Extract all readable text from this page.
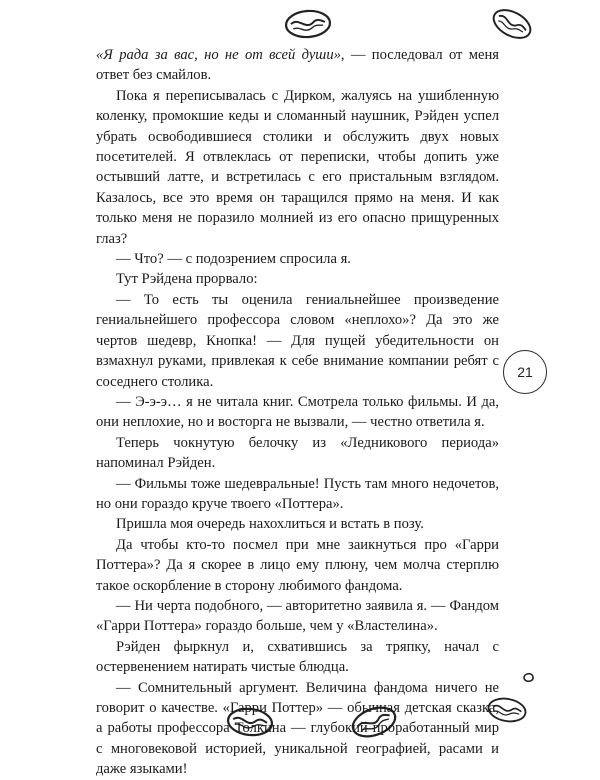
«Я рада за вас, но не от всей души», — последовал от меня ответ без смайлов.

Пока я переписывалась с Дирком, жалуясь на ушибленную коленку, промокшие кеды и сломанный наушник, Рэйден успел убрать освободившиеся столики и обслужить двух новых посетителей. Я отвлеклась от переписки, чтобы допить уже остывший латте, и встретилась с его пристальным взглядом. Казалось, все это время он таращился прямо на меня. И как только меня не поразило молнией из его опасно прищуренных глаз?

— Что? — с подозрением спросила я.

Тут Рэйдена прорвало:

— То есть ты оценила гениальнейшее произведение гениальнейшего профессора словом «неплохо»? Да это же чертов шедевр, Кнопка! — Для пущей убедительности он взмахнул руками, привлекая к себе внимание компании ребят с соседнего столика.

— Э-э-э… я не читала книг. Смотрела только фильмы. И да, они неплохие, но и восторга не вызвали, — честно ответила я.

Теперь чокнутую белочку из «Ледникового периода» напоминал Рэйден.

— Фильмы тоже шедевральные! Пусть там много недочетов, но они гораздо круче твоего «Поттера».

Пришла моя очередь нахохлиться и встать в позу.

Да чтобы кто-то посмел при мне заикнуться про «Гарри Поттера»? Да я скорее в лицо ему плюну, чем молча стерплю такое оскорбление в сторону любимого фандома.

— Ни черта подобного, — авторитетно заявила я. — Фандом «Гарри Поттера» гораздо больше, чем у «Властелина».

Рэйден фыркнул и, схватившись за тряпку, начал с остервенением натирать чистые блюдца.

— Сомнительный аргумент. Величина фандома ничего не говорит о качестве. «Гарри Поттер» — обычная детская сказка, а работы профессора Толкина — глубокий проработанный мир с многовековой историей, уникальной географией, расами и даже языками!

21
